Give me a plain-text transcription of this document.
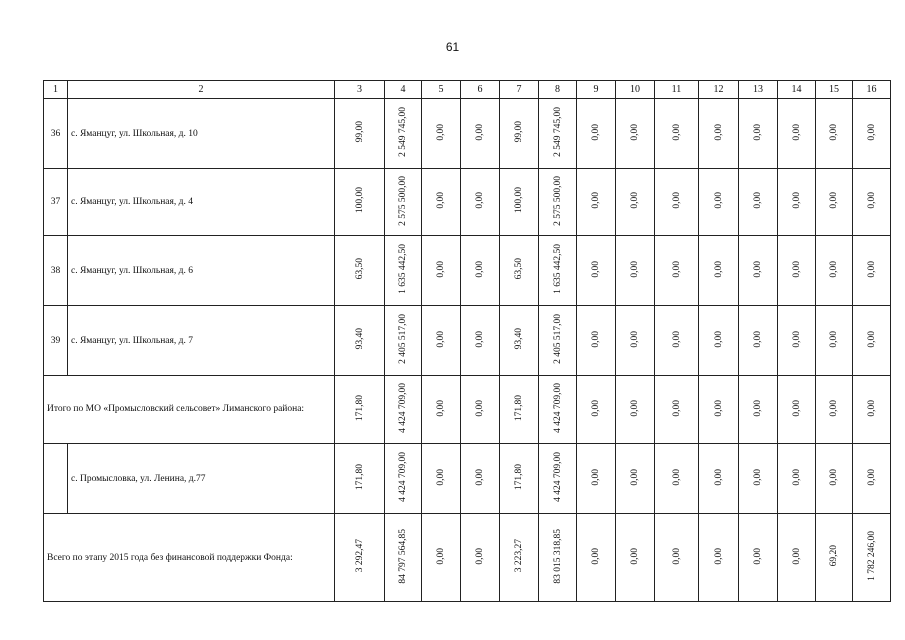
61
1	2	3	4	5	6	7	8	9	10	11	12	13	14	15	16
36	с. Яманцуг, ул. Школьная, д. 10	99,00	2 549 745,00	0,00	0,00	99,00	2 549 745,00	0,00	0,00	0,00	0,00	0,00	0,00	0,00	0,00
37	с. Яманцуг, ул. Школьная, д. 4	100,00	2 575 500,00	0,00	0,00	100,00	2 575 500,00	0,00	0,00	0,00	0,00	0,00	0,00	0,00	0,00
38	с. Яманцуг, ул. Школьная, д. 6	63,50	1 635 442,50	0,00	0,00	63,50	1 635 442,50	0,00	0,00	0,00	0,00	0,00	0,00	0,00	0,00
39	с. Яманцуг, ул. Школьная, д. 7	93,40	2 405 517,00	0,00	0,00	93,40	2 405 517,00	0,00	0,00	0,00	0,00	0,00	0,00	0,00	0,00
Итого по МО «Промысловский сельсовет» Лиманского района:		171,80	4 424 709,00	0,00	0,00	171,80	4 424 709,00	0,00	0,00	0,00	0,00	0,00	0,00	0,00	0,00
	с. Промысловка, ул. Ленина, д.77	171,80	4 424 709,00	0,00	0,00	171,80	4 424 709,00	0,00	0,00	0,00	0,00	0,00	0,00	0,00	0,00
Всего по этапу 2015 года без финансовой поддержки Фонда:		3 292,47	84 797 564,85	0,00	0,00	3 223,27	83 015 318,85	0,00	0,00	0,00	0,00	0,00	0,00	69,20	1 782 246,00
